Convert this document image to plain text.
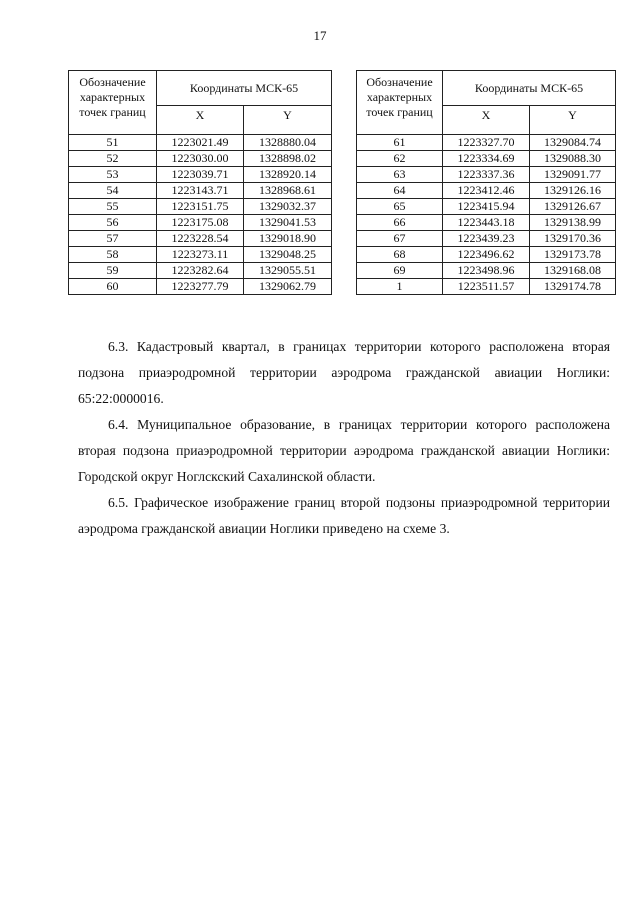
17
Обозначение характерных точек границ	Координаты МСК-65	
	X	Y
51	1223021.49	1328880.04
52	1223030.00	1328898.02
53	1223039.71	1328920.14
54	1223143.71	1328968.61
55	1223151.75	1329032.37
56	1223175.08	1329041.53
57	1223228.54	1329018.90
58	1223273.11	1329048.25
59	1223282.64	1329055.51
60	1223277.79	1329062.79
Обозначение характерных точек границ	Координаты МСК-65	
	X	Y
61	1223327.70	1329084.74
62	1223334.69	1329088.30
63	1223337.36	1329091.77
64	1223412.46	1329126.16
65	1223415.94	1329126.67
66	1223443.18	1329138.99
67	1223439.23	1329170.36
68	1223496.62	1329173.78
69	1223498.96	1329168.08
1	1223511.57	1329174.78

6.3. Кадастровый квартал, в границах территории которого расположена вторая подзона приаэродромной территории аэродрома гражданской авиации Ноглики: 65:22:0000016.

6.4. Муниципальное образование, в границах территории которого расположена вторая подзона приаэродромной территории аэродрома гражданской авиации Ноглики: Городской округ Ноглскский Сахалинской области.

6.5. Графическое изображение границ второй подзоны приаэродромной территории аэродрома гражданской авиации Ноглики приведено на схеме 3.
